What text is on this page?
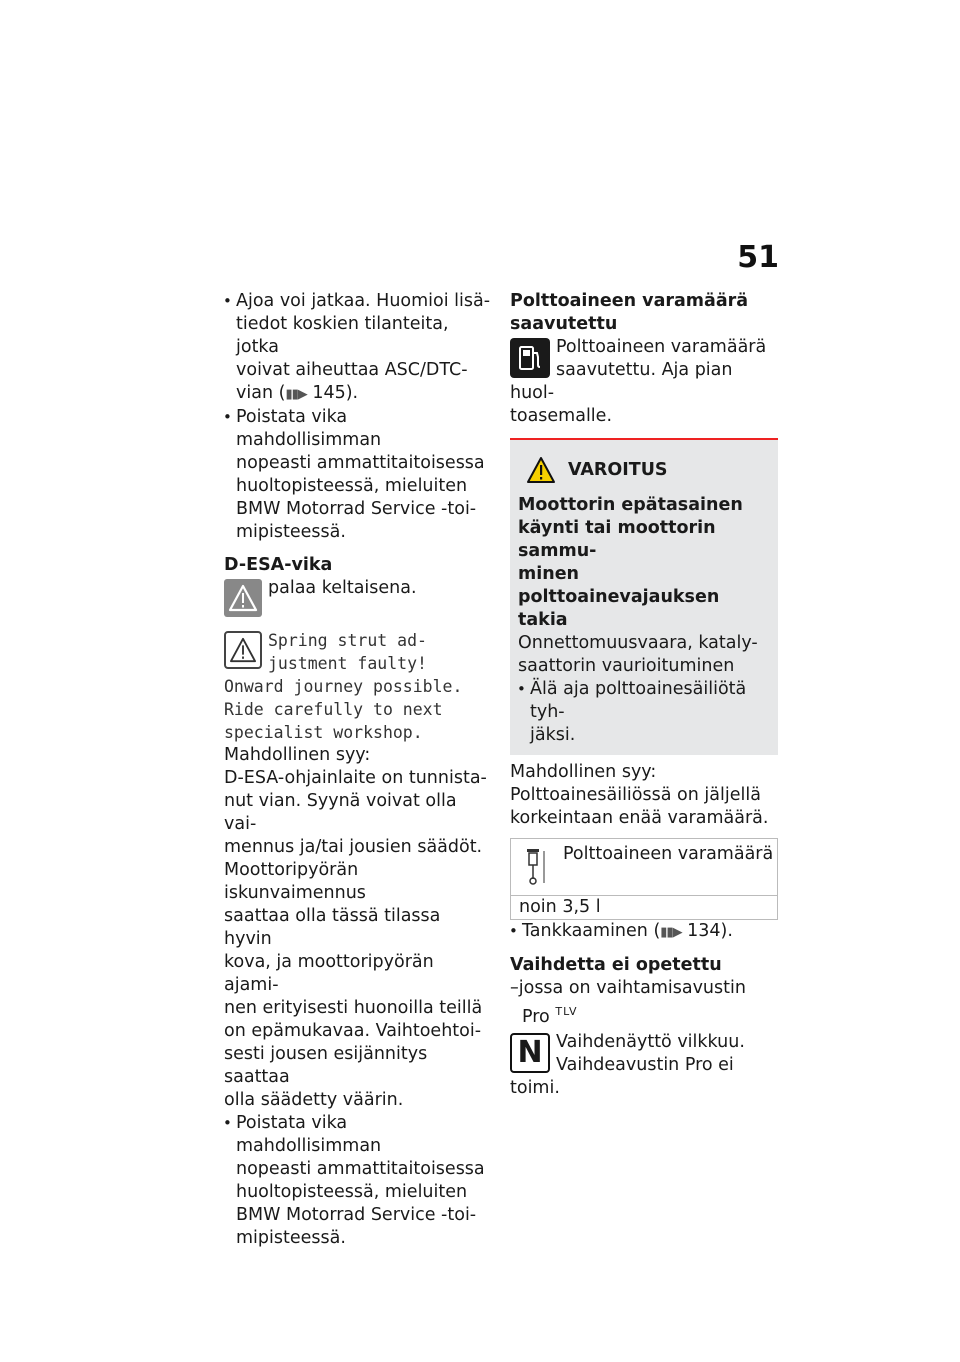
51
• Ajoa voi jatkaa. Huomioi lisä-
tiedot koskien tilanteita, jotka
voivat aiheuttaa ASC/DTC-
vian (▮▮▶ 145).
• Poistata vika mahdollisimman
nopeasti ammattitaitoisessa
huoltopisteessä, mieluiten
BMW Motorrad Service -toi-
mipisteessä.
D-ESA-vika
palaa keltaisena.
Spring strut ad-
justment faulty!
Onward journey possible.
Ride carefully to next
specialist workshop.
Mahdollinen syy:
D-ESA-ohjainlaite on tunnista-
nut vian. Syynä voivat olla vai-
mennus ja/tai jousien säädöt.
Moottoripyörän iskunvaimennus
saattaa olla tässä tilassa hyvin
kova, ja moottoripyörän ajami-
nen erityisesti huonoilla teillä
on epämukavaa. Vaihtoehtoi-
sesti jousen esijännitys saattaa
olla säädetty väärin.
• Poistata vika mahdollisimman
nopeasti ammattitaitoisessa
huoltopisteessä, mieluiten
BMW Motorrad Service -toi-
mipisteessä.
Polttoaineen varamäärä
saavutettu
Polttoaineen varamäärä
saavutettu. Aja pian huol-
toasemalle.
VAROITUS
Moottorin epätasainen
käynti tai moottorin sammu-
minen polttoainevajauksen
takia
Onnettomuusvaara, kataly-
saattorin vaurioituminen
• Älä aja polttoainesäiliötä tyh-
jäksi.
Mahdollinen syy:
Polttoainesäiliössä on jäljellä
korkeintaan enää varamäärä.
Polttoaineen varamäärä
noin 3,5 l
• Tankkaaminen (▮▮▶ 134).
Vaihdetta ei opetettu
–jossa on vaihtamisavustin
Pro $^{TLV}$
N Vaihdenäyttö vilkkuu.
Vaihdeavustin Pro ei toimi.
